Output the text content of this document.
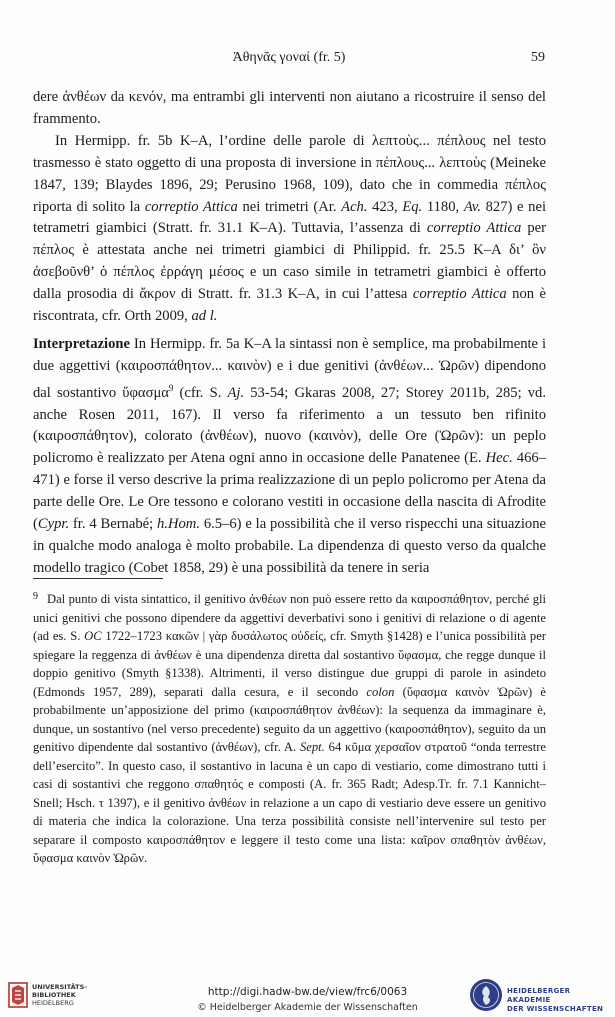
Ἀθηνᾶς γοναί (fr. 5)	59

dere ἀνθέων da κενόν, ma entrambi gli interventi non aiutano a ricostruire il senso del frammento.

In Hermipp. fr. 5b K–A, l’ordine delle parole di λεπτοὺς... πέπλους nel testo trasmesso è stato oggetto di una proposta di inversione in πέπλους... λεπτοὺς (Meineke 1847, 139; Blaydes 1896, 29; Perusino 1968, 109), dato che in commedia πέπλος riporta di solito la correptio Attica nei trimetri (Ar. Ach. 423, Eq. 1180, Av. 827) e nei tetrametri giambici (Stratt. fr. 31.1 K–A). Tuttavia, l’assenza di correptio Attica per πέπλος è attestata anche nei trimetri giambici di Philippid. fr. 25.5 K–A δι’ ὃν ἀσεβοῦνθ’ ὁ πέπλος ἐρράγη μέσος e un caso simile in tetrametri giambici è offerto dalla prosodia di ἄκρον di Stratt. fr. 31.3 K–A, in cui l’attesa correptio Attica non è riscontrata, cfr. Orth 2009, ad l.

Interpretazione In Hermipp. fr. 5a K–A la sintassi non è semplice, ma probabilmente i due aggettivi (καιροσπάθητον... καινὸν) e i due genitivi (ἀνθέων... Ὡρῶν) dipendono dal sostantivo ὕφασμα$^9$ (cfr. S. Aj. 53-54; Gkaras 2008, 27; Storey 2011b, 285; vd. anche Rosen 2011, 167). Il verso fa riferimento a un tessuto ben rifinito (καιροσπάθητον), colorato (ἀνθέων), nuovo (καινὸν), delle Ore (Ὡρῶν): un peplo policromo è realizzato per Atena ogni anno in occasione delle Panatenee (E. Hec. 466–471) e forse il verso descrive la prima realizzazione di un peplo policromo per Atena da parte delle Ore. Le Ore tessono e colorano vestiti in occasione della nascita di Afrodite (Cypr. fr. 4 Bernabé; h.Hom. 6.5–6) e la possibilità che il verso rispecchi una situazione in qualche modo analoga è molto probabile. La dipendenza di questo verso da qualche modello tragico (Cobet 1858, 29) è una possibilità da tenere in seria

9 Dal punto di vista sintattico, il genitivo ἀνθέων non può essere retto da καιροσπάθητον, perché gli unici genitivi che possono dipendere da aggettivi deverbativi sono i genitivi di relazione o di agente (ad es. S. OC 1722–1723 κακῶν | γὰρ δυσάλωτος οὐδείς, cfr. Smyth §1428) e l’unica possibilità per spiegare la reggenza di ἀνθέων è una dipendenza diretta dal sostantivo ὕφασμα, che regge dunque il doppio genitivo (Smyth §1338). Altrimenti, il verso distingue due gruppi di parole in asindeto (Edmonds 1957, 289), separati dalla cesura, e il secondo colon (ὕφασμα καινὸν Ὡρῶν) è probabilmente un’apposizione del primo (καιροσπάθητον ἀνθέων): la sequenza da immaginare è, dunque, un sostantivo (nel verso precedente) seguito da un aggettivo (καιροσπάθητον), seguito da un genitivo dipendente dal sostantivo (ἀνθέων), cfr. A. Sept. 64 κῦμα χερσαῖον στρατοῦ “onda terrestre dell’esercito”. In questo caso, il sostantivo in lacuna è un capo di vestiario, come dimostrano tutti i casi di sostantivi che reggono σπαθητός e composti (A. fr. 365 Radt; Adesp.Tr. fr. 7.1 Kannicht–Snell; Hsch. τ 1397), e il genitivo ἀνθέων in relazione a un capo di vestiario deve essere un genitivo di materia che indica la colorazione. Una terza possibilità consiste nell’intervenire sul testo per separare il composto καιροσπάθητον e leggere il testo come una lista: καῖρον σπαθητὸν ἀνθέων, ὕφασμα καινὸν Ὡρῶν.
UNIVERSITÄTS-
BIBLIOTHEK
HEIDELBERG
http://digi.hadw-bw.de/view/frc6/0063
© Heidelberger Akademie der Wissenschaften
HEIDELBERGER AKADEMIE
DER WISSENSCHAFTEN
